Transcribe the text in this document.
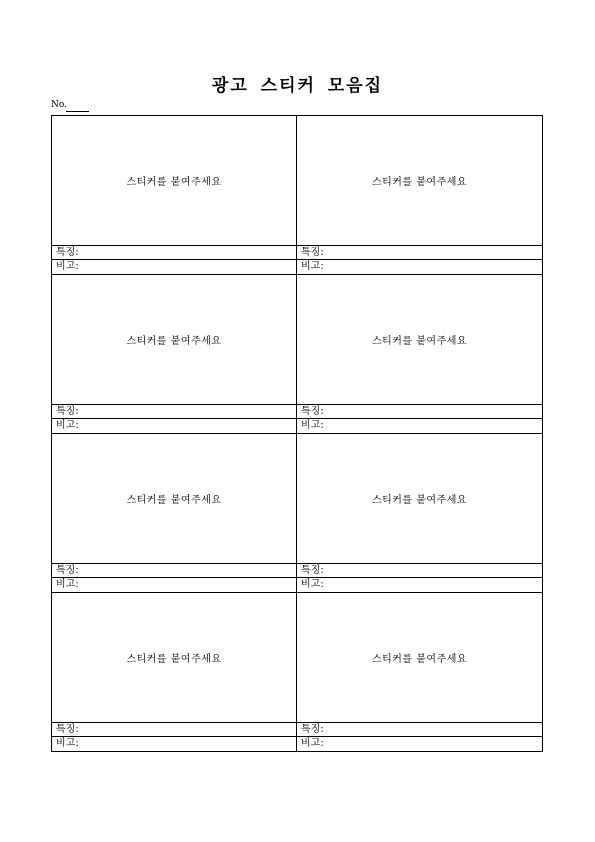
광고 스티커 모음집
No.
스티커를 붙여주세요
특징:
비고:
스티커를 붙여주세요
특징:
비고:
스티커를 붙여주세요
특징:
비고:
스티커를 붙여주세요
특징:
비고:
스티커를 붙여주세요
특징:
비고:
스티커를 붙여주세요
특징:
비고:
스티커를 붙여주세요
특징:
비고:
스티커를 붙여주세요
특징:
비고:
